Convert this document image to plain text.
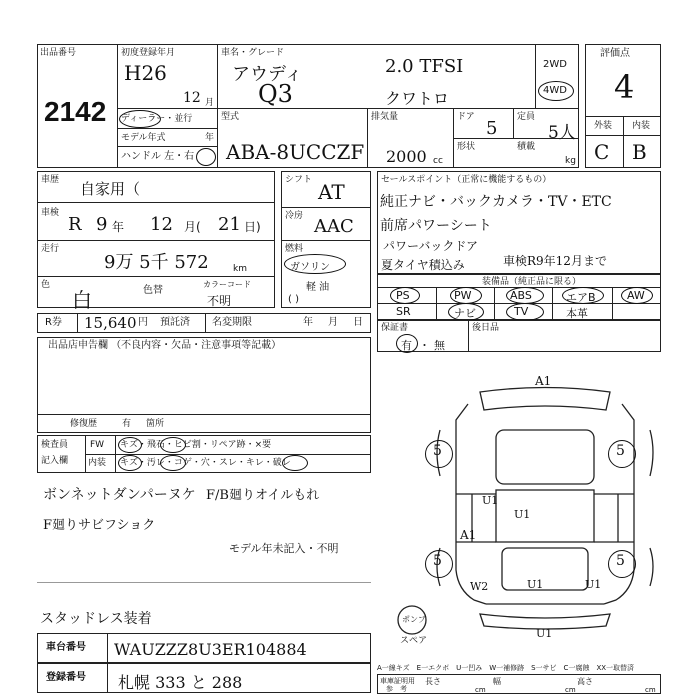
出品番号
2142
初度登録年月
H26
12 月
ディーラー・並行
モデル年式	年
ハンドル 左・右
車名・グレード
アウディ
Q3
2.0 TFSI
クワトロ
2WD
4WD
型式
ABA-8UCCZF
排気量
2000 cc
ドア
5
定員
5人
形状	積載
kg
評価点
4
外装 内装
C B
車歴 自家用（
車検
R 9 年 12 月( 21 日)
走行
9万 5千 572	km
色
白	色替
カラーコード
不明
シフト AT
冷房 AAC
燃料
ガソリン
軽 油
( )
セールスポイント（正常に機能するもの）
純正ナビ・バックカメラ・TV・ETC
前席パワーシート
パワーバックドア
夏タイヤ積込み	車検R9年12月まで
装備品（純正品に限る）
PS	PW	ABS	エアB	AW
SR	ナビ	TV	本革
R券 15,640 円 預託済 名変期限	年 月 日 保証書
有 ・ 無
後日品
出品店申告欄 （不良内容・欠品・注意事項等記載）
修復歴	有 箇所
検査員
記入欄
FW キズ・飛石・ヒビ割・リペア跡・×要
内装 キズ・汚レ・コゲ・穴・スレ・キレ・破レ
ボンネットダンパーヌケ F/B廻りオイルもれ
F廻りサビフショク
モデル年未記入・不明
スタッドレス装着
車台番号 WAUZZZ8U3ER104884
登録番号 札幌 333 と 288
A1
5	5
U1
U1
A1
5	5
W2	U1	U1
U1
ポンプ
スペア
A一線キズ　E一エクボ　U一凹み　W一補修跡　S一サビ　C一腐蝕　XX一取替済
車庫証明用
参　考
長さ
cm
幅
cm
高さ
cm
